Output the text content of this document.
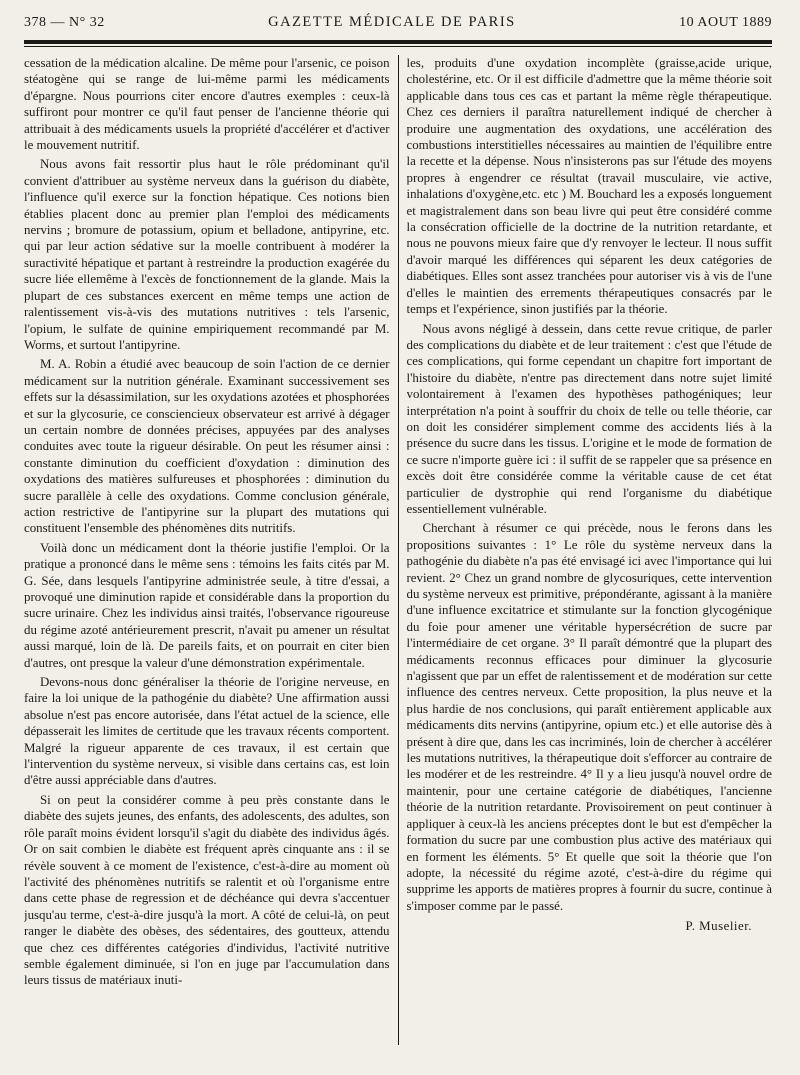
378 — N° 32	GAZETTE MÉDICALE DE PARIS	10 AOUT 1889

cessation de la médication alcaline. De même pour l'arsenic, ce poison stéatogène qui se range de lui-même parmi les médicaments d'épargne. Nous pourrions citer encore d'autres exemples : ceux-là suffiront pour montrer ce qu'il faut penser de l'ancienne théorie qui attribuait à des médicaments usuels la propriété d'accélérer et d'activer le mouvement nutritif.

Nous avons fait ressortir plus haut le rôle prédominant qu'il convient d'attribuer au système nerveux dans la guérison du diabète, l'influence qu'il exerce sur la fonction hépatique. Ces notions bien établies placent donc au premier plan l'emploi des médicaments nervins ; bromure de potassium, opium et belladone, antipyrine, etc. qui par leur action sédative sur la moelle contribuent à modérer la suractivité hépatique et partant à restreindre la production exagérée du sucre liée ellemême à l'excès de fonctionnement de la glande. Mais la plupart de ces substances exercent en même temps une action de ralentissement vis-à-vis des mutations nutritives : tels l'arsenic, l'opium, le sulfate de quinine empiriquement recommandé par M. Worms, et surtout l'antipyrine.

M. A. Robin a étudié avec beaucoup de soin l'action de ce dernier médicament sur la nutrition générale. Examinant successivement ses effets sur la désassimilation, sur les oxydations azotées et phosphorées et sur la glycosurie, ce consciencieux observateur est arrivé à dégager un certain nombre de données précises, appuyées par des analyses conduites avec toute la rigueur désirable. On peut les résumer ainsi : constante diminution du coefficient d'oxydation : diminution des oxydations des matières sulfureuses et phosphorées : diminution du sucre parallèle à celle des oxydations. Comme conclusion générale, action restrictive de l'antipyrine sur la plupart des mutations qui constituent l'ensemble des phénomènes dits nutritifs.

Voilà donc un médicament dont la théorie justifie l'emploi. Or la pratique a prononcé dans le même sens : témoins les faits cités par M. G. Sée, dans lesquels l'antipyrine administrée seule, à titre d'essai, a provoqué une diminution rapide et considérable dans la proportion du sucre urinaire. Chez les individus ainsi traités, l'observance rigoureuse du régime azoté antérieurement prescrit, n'avait pu amener un résultat aussi marqué, loin de là. De pareils faits, et on pourrait en citer bien d'autres, ont presque la valeur d'une démonstration expérimentale.

Devons-nous donc généraliser la théorie de l'origine nerveuse, en faire la loi unique de la pathogénie du diabète? Une affirmation aussi absolue n'est pas encore autorisée, dans l'état actuel de la science, elle dépasserait les limites de certitude que les travaux récents comportent. Malgré la rigueur apparente de ces travaux, il est certain que l'intervention du système nerveux, si visible dans certains cas, est loin d'être aussi appréciable dans d'autres.

Si on peut la considérer comme à peu près constante dans le diabète des sujets jeunes, des enfants, des adolescents, des adultes, son rôle paraît moins évident lorsqu'il s'agit du diabète des individus âgés. Or on sait combien le diabète est fréquent après cinquante ans : il se révèle souvent à ce moment de l'existence, c'est-à-dire au moment où l'activité des phénomènes nutritifs se ralentit et où l'organisme entre dans cette phase de regression et de déchéance qui devra s'accentuer jusqu'au terme, c'est-à-dire jusqu'à la mort. A côté de celui-là, on peut ranger le diabète des obèses, des sédentaires, des goutteux, attendu que chez ces différentes catégories d'individus, l'activité nutritive semble également diminuée, si l'on en juge par l'accumulation dans leurs tissus de matériaux inuti-

les, produits d'une oxydation incomplète (graisse,acide urique, cholestérine, etc. Or il est difficile d'admettre que la même théorie soit applicable dans tous ces cas et partant la même règle thérapeutique. Chez ces derniers il paraîtra naturellement indiqué de chercher à produire une augmentation des oxydations, une accélération des combustions interstitielles nécessaires au maintien de l'équilibre entre la recette et la dépense. Nous n'insisterons pas sur l'étude des moyens propres à engendrer ce résultat (travail musculaire, vie active, inhalations d'oxygène,etc. etc ) M. Bouchard les a exposés longuement et magistralement dans son beau livre qui peut être considéré comme la consécration officielle de la doctrine de la nutrition retardante, et nous ne pouvons mieux faire que d'y renvoyer le lecteur. Il nous suffit d'avoir marqué les différences qui séparent les deux catégories de diabétiques. Elles sont assez tranchées pour autoriser vis à vis de l'une d'elles le maintien des errements thérapeutiques consacrés par le temps et l'expérience, sinon justifiés par la théorie.

Nous avons négligé à dessein, dans cette revue critique, de parler des complications du diabète et de leur traitement : c'est que l'étude de ces complications, qui forme cependant un chapitre fort important de l'histoire du diabète, n'entre pas directement dans notre sujet limité volontairement à l'examen des hypothèses pathogéniques; leur interprétation n'a point à souffrir du choix de telle ou telle théorie, car on doit les considérer simplement comme des accidents liés à la présence du sucre dans les tissus. L'origine et le mode de formation de ce sucre n'importe guère ici : il suffit de se rappeler que sa présence en excès doit être considérée comme la véritable cause de cet état particulier de dystrophie qui rend l'organisme du diabétique essentiellement vulnérable.

Cherchant à résumer ce qui précède, nous le ferons dans les propositions suivantes : 1° Le rôle du système nerveux dans la pathogénie du diabète n'a pas été envisagé ici avec l'importance qui lui revient. 2° Chez un grand nombre de glycosuriques, cette intervention du système nerveux est primitive, prépondérante, agissant à la manière d'une influence excitatrice et stimulante sur la fonction glycogénique du foie pour amener une véritable hypersécrétion de sucre par l'intermédiaire de cet organe. 3° Il paraît démontré que la plupart des médicaments reconnus efficaces pour diminuer la glycosurie n'agissent que par un effet de ralentissement et de modération sur cette influence des centres nerveux. Cette proposition, la plus neuve et la plus hardie de nos conclusions, qui paraît entièrement applicable aux médicaments dits nervins (antipyrine, opium etc.) et elle autorise dès à présent à dire que, dans les cas incriminés, loin de chercher à accélérer les mutations nutritives, la thérapeutique doit s'efforcer au contraire de les modérer et de les restreindre. 4° Il y a lieu jusqu'à nouvel ordre de maintenir, pour une certaine catégorie de diabétiques, l'ancienne théorie de la nutrition retardante. Provisoirement on peut continuer à appliquer à ceux-là les anciens préceptes dont le but est d'empêcher la formation du sucre par une combustion plus active des matériaux qui en forment les éléments. 5° Et quelle que soit la théorie que l'on adopte, la nécessité du régime azoté, c'est-à-dire du régime qui supprime les apports de matières propres à fournir du sucre, continue à s'imposer comme par le passé.

P. Muselier.
